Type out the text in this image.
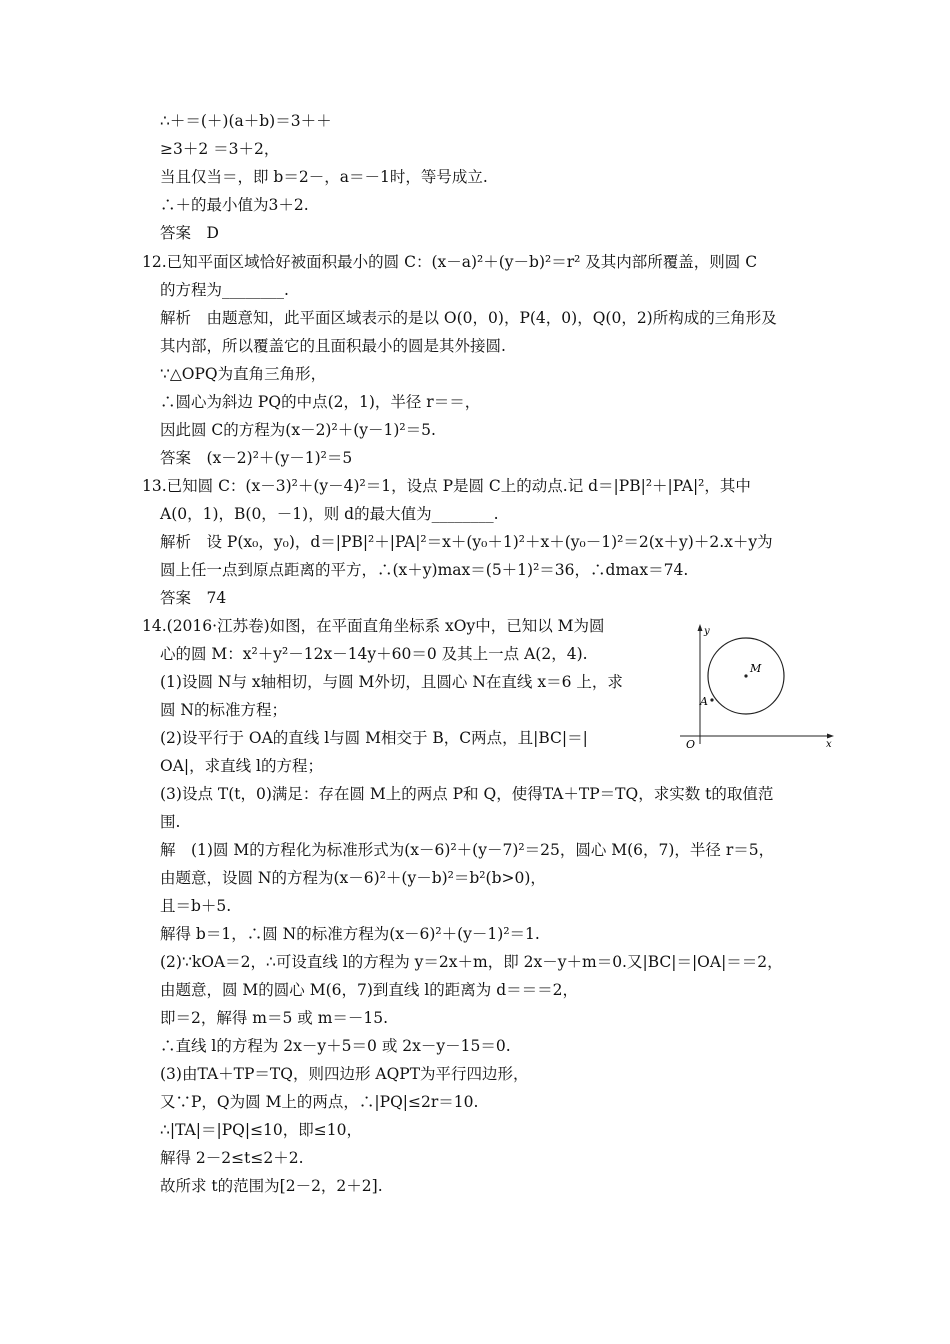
∴＋＝(＋)(a＋b)＝3＋＋
≥3＋2 ＝3＋2，
当且仅当＝，即 b＝2－，a＝－1时，等号成立.
∴＋的最小值为3＋2.
答案　D
12.已知平面区域恰好被面积最小的圆 C：(x－a)²＋(y－b)²＝r² 及其内部所覆盖，则圆 C
的方程为________.
解析　由题意知，此平面区域表示的是以 O(0，0)，P(4，0)，Q(0，2)所构成的三角形及
其内部，所以覆盖它的且面积最小的圆是其外接圆.
∵△OPQ为直角三角形，
∴圆心为斜边 PQ的中点(2，1)，半径 r＝＝，
因此圆 C的方程为(x－2)²＋(y－1)²＝5.
答案　(x－2)²＋(y－1)²＝5
13.已知圆 C：(x－3)²＋(y－4)²＝1，设点 P是圆 C上的动点.记 d＝|PB|²＋|PA|²，其中
A(0，1)，B(0，－1)，则 d的最大值为________.
解析　设 P(x₀，y₀)，d＝|PB|²＋|PA|²＝x＋(y₀＋1)²＋x＋(y₀－1)²＝2(x＋y)＋2.x＋y为
圆上任一点到原点距离的平方，∴(x＋y)max＝(5＋1)²＝36，∴dmax＝74.
答案　74
14.(2016·江苏卷)如图，在平面直角坐标系 xOy中，已知以 M为圆
心的圆 M：x²＋y²－12x－14y＋60＝0 及其上一点 A(2，4).
(1)设圆 N与 x轴相切，与圆 M外切，且圆心 N在直线 x＝6 上，求
圆 N的标准方程；
(2)设平行于 OA的直线 l与圆 M相交于 B，C两点，且|BC|＝|
OA|，求直线 l的方程；
(3)设点 T(t，0)满足：存在圆 M上的两点 P和 Q，使得TA＋TP＝TQ，求实数 t的取值范
围.
解　(1)圆 M的方程化为标准形式为(x－6)²＋(y－7)²＝25，圆心 M(6，7)，半径 r＝5，
由题意，设圆 N的方程为(x－6)²＋(y－b)²＝b²(b>0)，
且＝b＋5.
解得 b＝1，∴圆 N的标准方程为(x－6)²＋(y－1)²＝1.
(2)∵kOA＝2，∴可设直线 l的方程为 y＝2x＋m，即 2x－y＋m＝0.又|BC|＝|OA|＝＝2，
由题意，圆 M的圆心 M(6，7)到直线 l的距离为 d＝＝＝2，
即＝2，解得 m＝5 或 m＝－15.
∴直线 l的方程为 2x－y＋5＝0 或 2x－y－15＝0.
(3)由TA＋TP＝TQ，则四边形 AQPT为平行四边形，
又∵P，Q为圆 M上的两点，∴|PQ|≤2r＝10.
∴|TA|＝|PQ|≤10，即≤10，
解得 2－2≤t≤2＋2.
故所求 t的范围为[2－2，2＋2].
y
x
O
M
A
